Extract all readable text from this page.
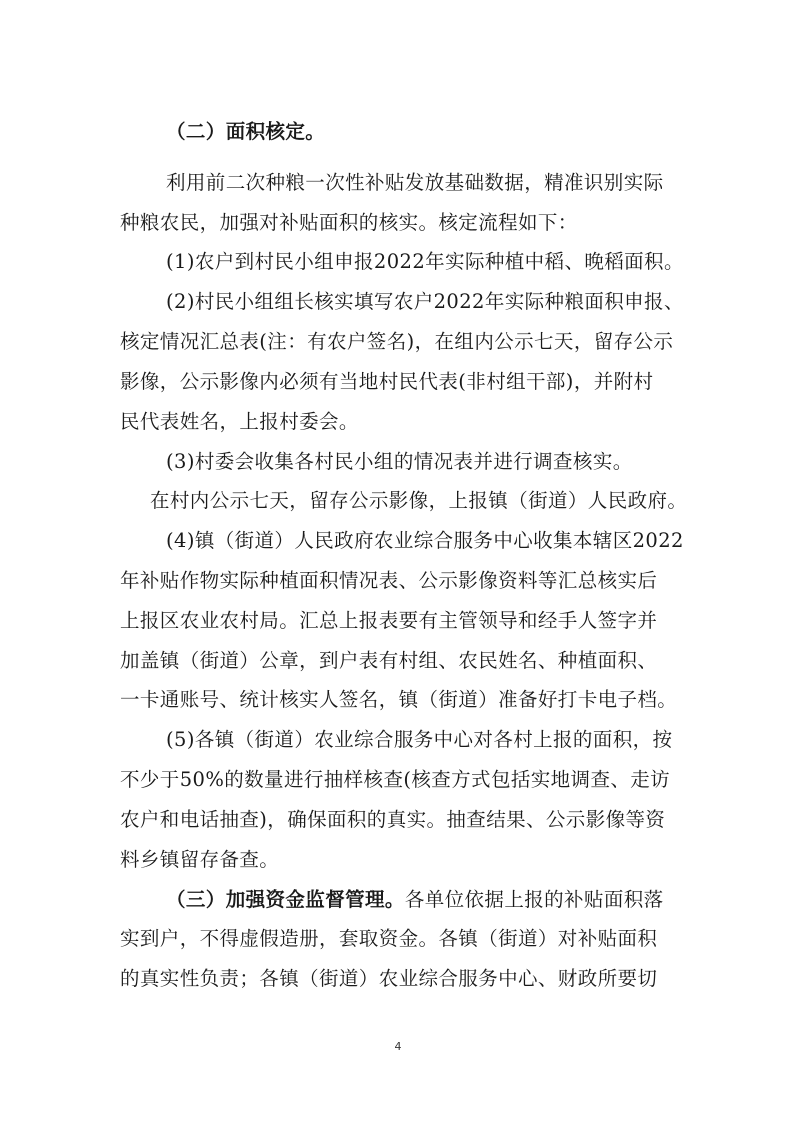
（二）面积核定。
利用前二次种粮一次性补贴发放基础数据，精准识别实际
种粮农民，加强对补贴面积的核实。核定流程如下：
(1)农户到村民小组申报2022年实际种植中稻、晚稻面积。
(2)村民小组组长核实填写农户2022年实际种粮面积申报、
核定情况汇总表(注：有农户签名)，在组内公示七天，留存公示
影像，公示影像内必须有当地村民代表(非村组干部)，并附村
民代表姓名，上报村委会。
(3)村委会收集各村民小组的情况表并进行调查核实。
在村内公示七天，留存公示影像，上报镇（街道）人民政府。
(4)镇（街道）人民政府农业综合服务中心收集本辖区2022
年补贴作物实际种植面积情况表、公示影像资料等汇总核实后
上报区农业农村局。汇总上报表要有主管领导和经手人签字并
加盖镇（街道）公章，到户表有村组、农民姓名、种植面积、
一卡通账号、统计核实人签名，镇（街道）准备好打卡电子档。
(5)各镇（街道）农业综合服务中心对各村上报的面积，按
不少于50%的数量进行抽样核查(核查方式包括实地调查、走访
农户和电话抽查)，确保面积的真实。抽查结果、公示影像等资
料乡镇留存备查。
（三）加强资金监督管理。各单位依据上报的补贴面积落
实到户，不得虚假造册，套取资金。各镇（街道）对补贴面积
的真实性负责；各镇（街道）农业综合服务中心、财政所要切
4
